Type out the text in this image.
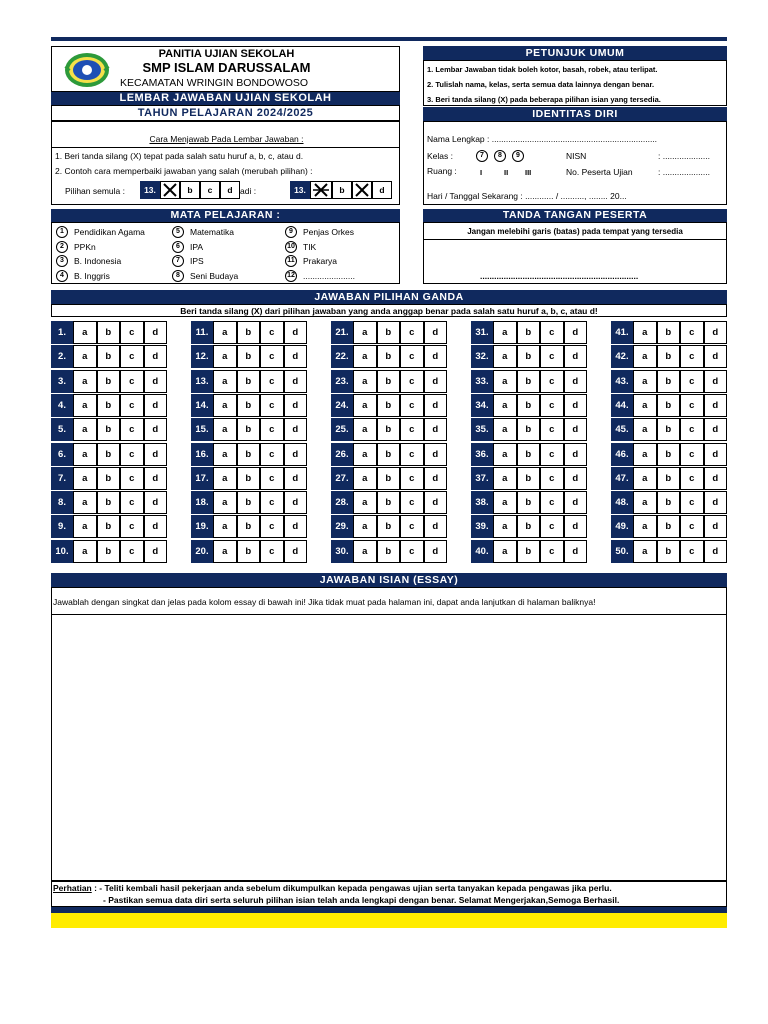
PANITIA UJIAN SEKOLAH
SMP ISLAM DARUSSALAM
KECAMATAN WRINGIN BONDOWOSO
LEMBAR JAWABAN UJIAN SEKOLAH
TAHUN PELAJARAN 2024/2025
PETUNJUK UMUM
1. Lembar Jawaban tidak boleh kotor, basah, robek, atau terlipat.
2. Tulislah nama, kelas, serta semua data lainnya dengan benar.
3. Beri tanda silang (X) pada beberapa pilihan isian yang tersedia.
IDENTITAS DIRI
Nama Lengkap : ......................................................................
Kelas :	7	8	9	NISN	: ....................
Ruang :	I	II III	No. Peserta Ujian	: ....................
Hari / Tanggal Sekarang : ............ / .........., ........ 20...
Cara Menjawab Pada Lembar Jawaban :
1. Beri tanda silang (X) tepat pada salah satu huruf a, b, c, atau d.
2. Contoh cara memperbaiki jawaban yang salah (merubah pilihan) :
Pilihan semula :	13.	b	c	d adi :	13.	b	d
MATA PELAJARAN :
1	Pendidikan Agama
2	PPKn
3	B. Indonesia
4	B. Inggris
5	Matematika
6	IPA
7	IPS
8	Seni Budaya
9	Penjas Orkes
10 TIK
11 Prakarya
12 ......................
TANDA TANGAN PESERTA
Jangan melebihi garis (batas) pada tempat yang tersedia
...................................................................
JAWABAN PILIHAN GANDA
Beri tanda silang (X) dari pilihan jawaban yang anda anggap benar pada salah satu huruf a, b, c, atau d!
1.	a	b	c	d
2.	a	b	c	d
3.	a	b	c	d
4.	a	b	c	d
5.	a	b	c	d
6.	a	b	c	d
7.	a	b	c	d
8.	a	b	c	d
9.	a	b	c	d
10.	a	b	c	d
11.	a	b	c	d
12.	a	b	c	d
13.	a	b	c	d
14.	a	b	c	d
15.	a	b	c	d
16.	a	b	c	d
17.	a	b	c	d
18.	a	b	c	d
19.	a	b	c	d
20.	a	b	c	d
21.	a	b	c	d
22.	a	b	c	d
23.	a	b	c	d
24.	a	b	c	d
25.	a	b	c	d
26.	a	b	c	d
27.	a	b	c	d
28.	a	b	c	d
29.	a	b	c	d
30.	a	b	c	d
31.	a	b	c	d
32.	a	b	c	d
33.	a	b	c	d
34.	a	b	c	d
35.	a	b	c	d
36.	a	b	c	d
37.	a	b	c	d
38.	a	b	c	d
39.	a	b	c	d
40.	a	b	c	d
41.	a	b	c	d
42.	a	b	c	d
43.	a	b	c	d
44.	a	b	c	d
45.	a	b	c	d
46.	a	b	c	d
47.	a	b	c	d
48.	a	b	c	d
49.	a	b	c	d
50.	a	b	c	d
JAWABAN ISIAN (ESSAY)
Jawablah dengan singkat dan jelas pada kolom essay di bawah ini! Jika tidak muat pada halaman ini, dapat anda lanjutkan di halaman baliknya!
Perhatian : - Teliti kembali hasil pekerjaan anda sebelum dikumpulkan kepada pengawas ujian serta tanyakan kepada pengawas jika perlu.
- Pastikan semua data diri serta seluruh pilihan isian telah anda lengkapi dengan benar. Selamat Mengerjakan,Semoga Berhasil.
